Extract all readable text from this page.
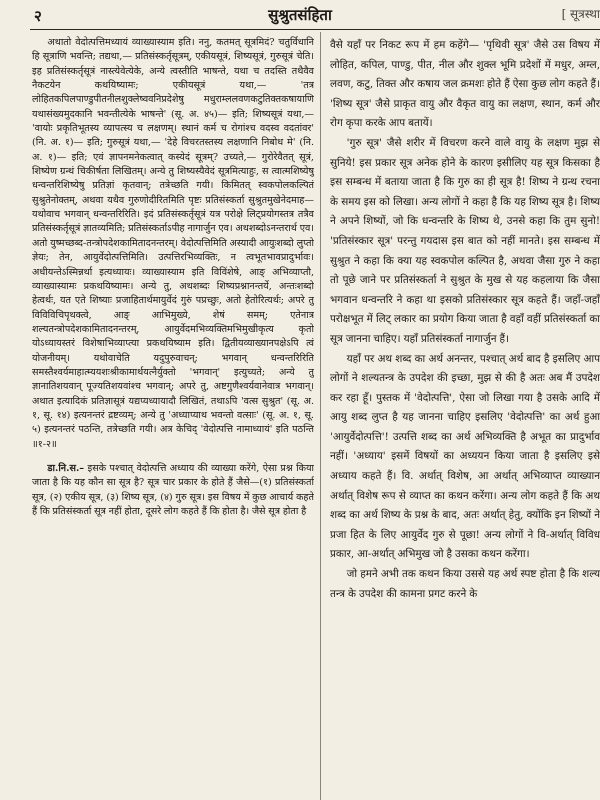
२	सुश्रुतसंहिता	[ सूत्रस्था

अथातो वेदोत्पत्तिमध्यायं व्याख्यास्याम इति। ननु, कतमत् सूत्रमिदं? चतुर्विधानि हि सूत्राणि भवन्ति; तद्यथा,— प्रतिसंस्कर्तृसूत्रम्, एकीयसूत्रं, शिष्यसूत्रं, गुरुसूत्रं चेति। इह प्रतिसंस्कर्तृसूत्रं नास्त्येवेत्येके, अन्ये त्वस्तीति भाषन्ते, यथा च तदस्ति तथैवैव नैकटयेन कथयिष्यामः; एकीयसूत्रं यथा,— 'तत्र लोहितकपिलपाण्डुपीतनीलशुक्लेष्ववनिप्रदेशेषु मधुराम्ललवणकटुतिक्तकषायाणि यथासंख्यमुदकानि भवन्तीत्येके भाषन्ते' (सू. अ. ४५)— इति; शिष्यसूत्रं यथा,— 'वायोः प्रकृतिभूतस्य व्यापत्स्य च लक्षणम्। स्थानं कर्म च रोगांश्च वदस्व वदतांवर' (नि. अ. १)— इति; गुरुसूत्रं यथा,— 'देहे विचरतस्तस्य लक्षणानि निबोध मे' (नि. अ. १)— इति; एवं ज्ञापनमनेकत्वात् कस्येदं सूत्रम्? उच्यते,— गुरोरेवैतत् सूत्रं, शिष्येण ग्रन्थं चिकीर्षता लिखितम्। अन्ये तु शिष्यस्यैवेदं सूत्रमित्याहुः, स त्वात्मशिष्येषु धन्वन्तरिशिष्येषु प्रतिज्ञां कृतवान्; तत्रेच्छति गयी। किमितत् स्वकपोलकल्पितं सुश्रुतेनोक्तम्, अथवा यथैव गुरुणोदीरितमिति पृष्टः प्रतिसंस्कर्ता सुश्रुतमुखेनेदमाह— यथोवाच भगवान् धन्वन्तरिरिति। इदं प्रतिसंस्कर्तृसूत्रं यत्र परोक्षे लिट्प्रयोगस्तत्र तत्रैव प्रतिसंस्कर्तृसूत्रं ज्ञातव्यमिति; प्रतिसंस्कर्ताऽपीह नागार्जुन एव। अथशब्दोऽनन्तरार्थ एव। अतो युष्मच्छब्द-तन्त्रोपदेशकामितादनन्तरम्। वेदोत्पत्तिमिति अस्यादी आयुःशब्दो लुप्तो ज्ञेयः; तेन, आयुर्वेदोत्पत्तिमिति। उत्पत्तिरभिव्यक्तिः, न त्वभूतभावप्रादुर्भावः। अधीयन्तेऽस्मिन्नर्था इत्यध्यायः। व्याख्यास्याम इति विविंशेषे, आङ् अभिव्याप्तौ, व्याख्यास्यामः प्रकथयिष्यामः। अन्ये तु, अथशब्दः शिष्यप्रश्नानन्तर्ये, अन्तःशब्दो हेत्वर्थः, यत एते शिष्याः प्रजाहितार्थमायुर्वेदं गुरुं पप्रच्छुः, अतो हेतोरित्यर्थः; अपरे तु विविविचिपृथक्त्वे, आङ् आभिमुख्ये, शेषं समम्; एतेनात्र शल्यतन्त्रोपदेशकामितादनन्तरम्, आयुर्वेदमभिव्यक्तिमभिमुखीकृत्य कृतो योऽध्यायस्तरं विशेषाभिव्याप्त्या प्रकथयिष्याम इति। द्वितीयव्याख्यानपक्षेऽपि त्वं योजनीयम्। यथोवाचेति यदुपुरुवाचन्; भगवान् धन्वन्तरिरिति समस्तैश्वर्यमाहात्म्ययशःश्रीकामार्थयत्नैर्युक्तो 'भगवान्' इत्युच्यते; अन्ये तु ज्ञानातिशयवान् पूज्यतिशयवांश्च भगवान्; अपरे तु, अष्टगुणैश्वर्यवानेवात्र भगवान्। अथात इत्यादिकं प्रतिज्ञासूत्रं यद्यप्यध्यायादौ लिखितं, तथाऽपि 'वत्स सुश्रुत' (सू. अ. १, सू. १४) इत्यनन्तरं द्रष्टव्यम्; अन्ये तु 'अध्याप्याथ भवन्तो वत्साः' (सू. अ. १, सू. ५) इत्यनन्तरं पठन्ति, तत्रेच्छति गयी। अत्र केचिद् 'वेदोत्पत्ति नामाध्यायं' इति पठन्ति ॥१-२॥

डा.नि.स.– इसके पश्चात् वेदोत्पत्ति अध्याय की व्याख्या करेंगे, ऐसा प्रश्न किया जाता है कि यह कौन सा सूत्र है? सूत्र चार प्रकार के होते हैं जैसे—(१) प्रतिसंस्कर्ता सूत्र, (२) एकीय सूत्र, (३) शिष्य सूत्र, (४) गुरु सूत्र। इस विषय में कुछ आचार्य कहते हैं कि प्रतिसंस्कर्ता सूत्र नहीं होता, दूसरे लोग कहते हैं कि होता है। जैसे सूत्र होता है

वैसे यहाँ पर निकट रूप में हम कहेंगे— 'पृथिवी सूत्र' जैसे उस विषय में लोहित, कपिल, पाण्डु, पीत, नील और शुक्ल भूमि प्रदेशों में मधुर, अम्ल, लवण, कटु, तिक्त और कषाय जल क्रमशः होते हैं ऐसा कुछ लोग कहते हैं। 'शिष्य सूत्र' जैसे प्राकृत वायु और वैकृत वायु का लक्षण, स्थान, कर्म और रोग कृपा करके आप बतायें।

'गुरु सूत्र' जैसे शरीर में विचरण करने वाले वायु के लक्षण मुझ से सुनिये! इस प्रकार सूत्र अनेक होने के कारण इसीलिए यह सूत्र किसका है इस सम्बन्ध में बताया जाता है कि गुरु का ही सूत्र है! शिष्य ने ग्रन्थ रचना के समय इस को लिखा। अन्य लोगों ने कहा है कि यह शिष्य सूत्र है। शिष्य ने अपने शिष्यों, जो कि धन्वन्तरि के शिष्य थे, उनसे कहा कि तुम सुनो! 'प्रतिसंस्कार सूत्र' परन्तु गयदास इस बात को नहीं मानते। इस सम्बन्ध में सुश्रुत ने कहा कि क्या यह स्वकपोल कल्पित है, अथवा जैसा गुरु ने कहा तो पूछे जाने पर प्रतिसंस्कर्ता ने सुश्रुत के मुख से यह कहलाया कि जैसा भगवान धन्वन्तरि ने कहा था इसको प्रतिसंस्कार सूत्र कहते हैं। जहाँ-जहाँ परोक्षभूत में लिट् लकार का प्रयोग किया जाता है वहाँ वहीं प्रतिसंस्कर्ता का सूत्र जानना चाहिए। यहाँ प्रतिसंस्कर्ता नागार्जुन हैं।

यहाँ पर अथ शब्द का अर्थ अनन्तर, पश्चात् अर्थ बाद है इसलिए आप लोगों ने शल्यतन्त्र के उपदेश की इच्छा, मुझ से की है अतः अब मैं उपदेश कर रहा हूँ। पुस्तक में 'वेदोत्पत्ति', ऐसा जो लिखा गया है उसके आदि में आयु शब्द लुप्त है यह जानना चाहिए इसलिए 'वेदोत्पत्ति' का अर्थ हुआ 'आयुर्वेदोत्पत्ति'! उत्पत्ति शब्द का अर्थ अभिव्यक्ति है अभूत का प्रादुर्भाव नहीं। 'अध्याय' इसमें विषयों का अध्ययन किया जाता है इसलिए इसे अध्याय कहते हैं। वि. अर्थात् विशेष, आ अर्थात् अभिव्याप्त व्याख्यान अर्थात् विशेष रूप से व्याप्त का कथन करेंगा। अन्य लोग कहते हैं कि अथ शब्द का अर्थ शिष्य के प्रश्न के बाद, अतः अर्थात् हेतु, क्योंकि इन शिष्यों ने प्रजा हित के लिए आयुर्वेद गुरु से पूछा! अन्य लोगों ने वि-अर्थात् विविध प्रकार, आ-अर्थात् अभिमुख जो है उसका कथन करेंगा।

जो हमने अभी तक कथन किया उससे यह अर्थ स्पष्ट होता है कि शल्य तन्त्र के उपदेश की कामना प्रगट करने के
